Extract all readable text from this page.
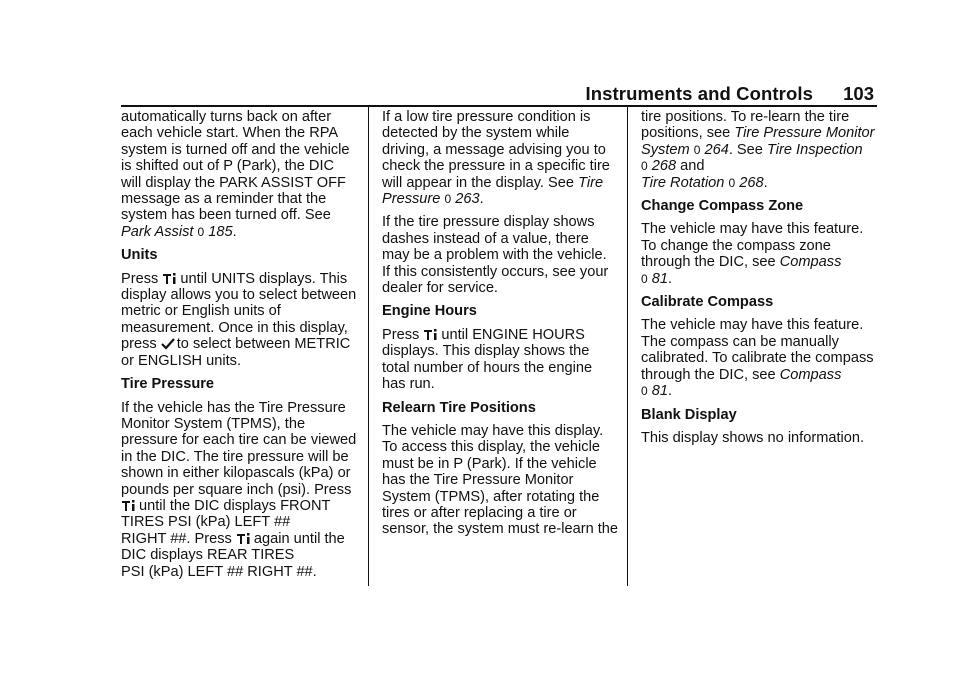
Instruments and Controls 103

automatically turns back on after
each vehicle start. When the RPA
system is turned off and the vehicle
is shifted out of P (Park), the DIC
will display the PARK ASSIST OFF
message as a reminder that the
system has been turned off. See
Park Assist 0 185.

Units

Press until UNITS displays. This
display allows you to select between
metric or English units of
measurement. Once in this display,
press to select between METRIC
or ENGLISH units.

Tire Pressure

If the vehicle has the Tire Pressure
Monitor System (TPMS), the
pressure for each tire can be viewed
in the DIC. The tire pressure will be
shown in either kilopascals (kPa) or
pounds per square inch (psi). Press
until the DIC displays FRONT
TIRES PSI (kPa) LEFT ##
RIGHT ##. Press again until the
DIC displays REAR TIRES
PSI (kPa) LEFT ## RIGHT ##.

If a low tire pressure condition is
detected by the system while
driving, a message advising you to
check the pressure in a specific tire
will appear in the display. See Tire
Pressure 0 263.

If the tire pressure display shows
dashes instead of a value, there
may be a problem with the vehicle.
If this consistently occurs, see your
dealer for service.

Engine Hours

Press until ENGINE HOURS
displays. This display shows the
total number of hours the engine
has run.

Relearn Tire Positions

The vehicle may have this display.
To access this display, the vehicle
must be in P (Park). If the vehicle
has the Tire Pressure Monitor
System (TPMS), after rotating the
tires or after replacing a tire or
sensor, the system must re-learn the

tire positions. To re-learn the tire
positions, see Tire Pressure Monitor
System 0 264. See Tire Inspection
0 268 and
Tire Rotation 0 268.

Change Compass Zone

The vehicle may have this feature.
To change the compass zone
through the DIC, see Compass
0 81.

Calibrate Compass

The vehicle may have this feature.
The compass can be manually
calibrated. To calibrate the compass
through the DIC, see Compass
0 81.

Blank Display

This display shows no information.
